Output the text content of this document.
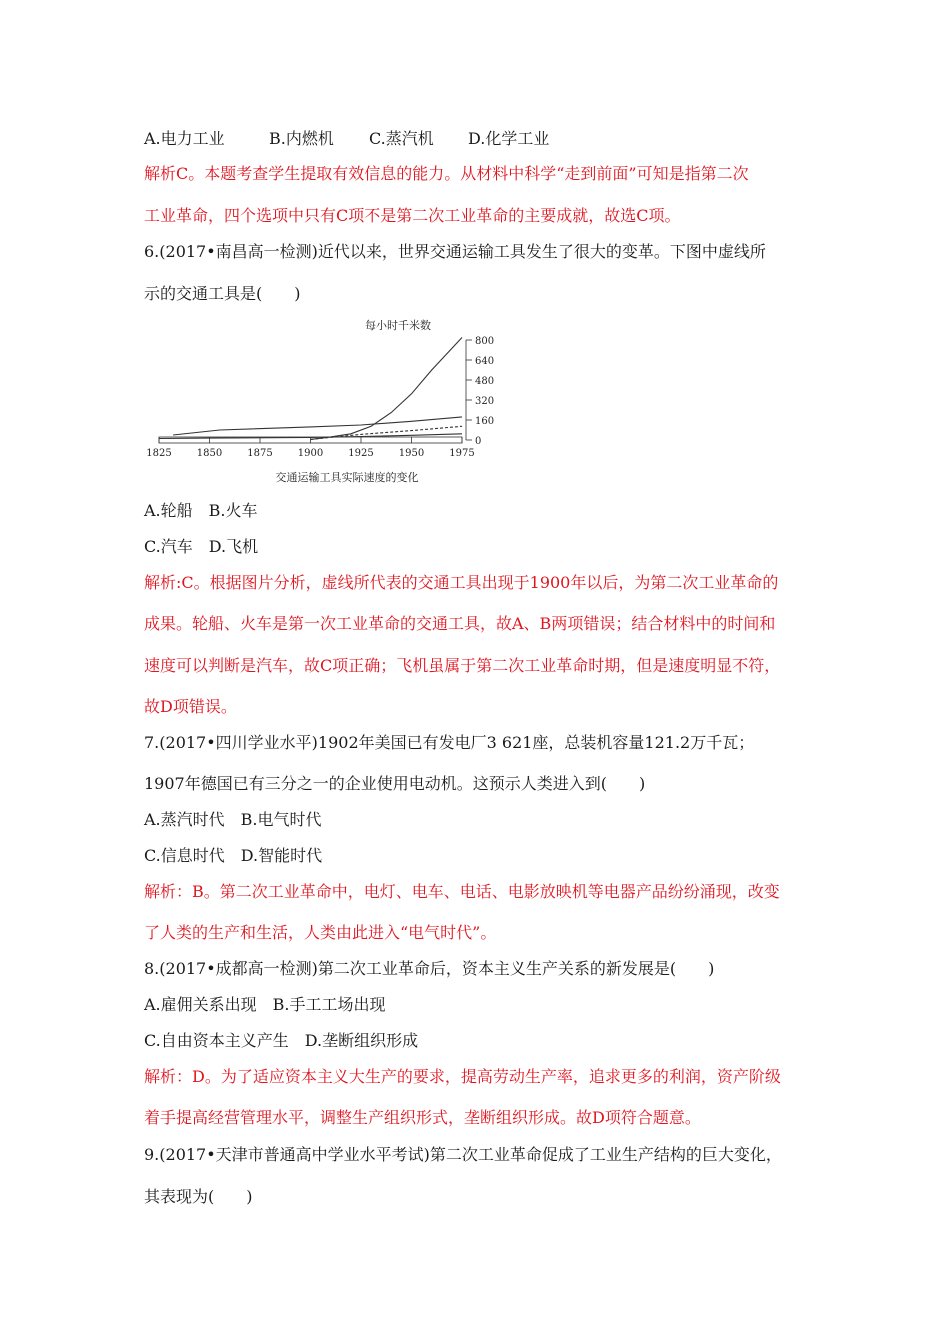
A.电力工业	B.内燃机 C.蒸汽机 D.化学工业
解析C。本题考查学生提取有效信息的能力。从材料中科学“走到前面”可知是指第二次
工业革命，四个选项中只有C项不是第二次工业革命的主要成就，故选C项。
6.(2017•南昌高一检测)近代以来，世界交通运输工具发生了很大的变革。下图中虚线所
示的交通工具是(　　)
每小时千米数
1825	1850	1875	1900	1925	1950	1975
0
160
320
480
640
800
交通运输工具实际速度的变化
A.轮船　B.火车
C.汽车　D.飞机
解析:C。根据图片分析，虚线所代表的交通工具出现于1900年以后，为第二次工业革命的
成果。轮船、火车是第一次工业革命的交通工具，故A、B两项错误；结合材料中的时间和
速度可以判断是汽车，故C项正确；飞机虽属于第二次工业革命时期，但是速度明显不符，
故D项错误。
7.(2017•四川学业水平)1902年美国已有发电厂3 621座，总装机容量121.2万千瓦；
1907年德国已有三分之一的企业使用电动机。这预示人类进入到(　　)
A.蒸汽时代　B.电气时代
C.信息时代　D.智能时代
解析：B。第二次工业革命中，电灯、电车、电话、电影放映机等电器产品纷纷涌现，改变
了人类的生产和生活，人类由此进入“电气时代”。
8.(2017•成都高一检测)第二次工业革命后，资本主义生产关系的新发展是(　　)
A.雇佣关系出现　B.手工工场出现
C.自由资本主义产生　D.垄断组织形成
解析：D。为了适应资本主义大生产的要求，提高劳动生产率，追求更多的利润，资产阶级
着手提高经营管理水平，调整生产组织形式，垄断组织形成。故D项符合题意。
9.(2017•天津市普通高中学业水平考试)第二次工业革命促成了工业生产结构的巨大变化，
其表现为(　　)
